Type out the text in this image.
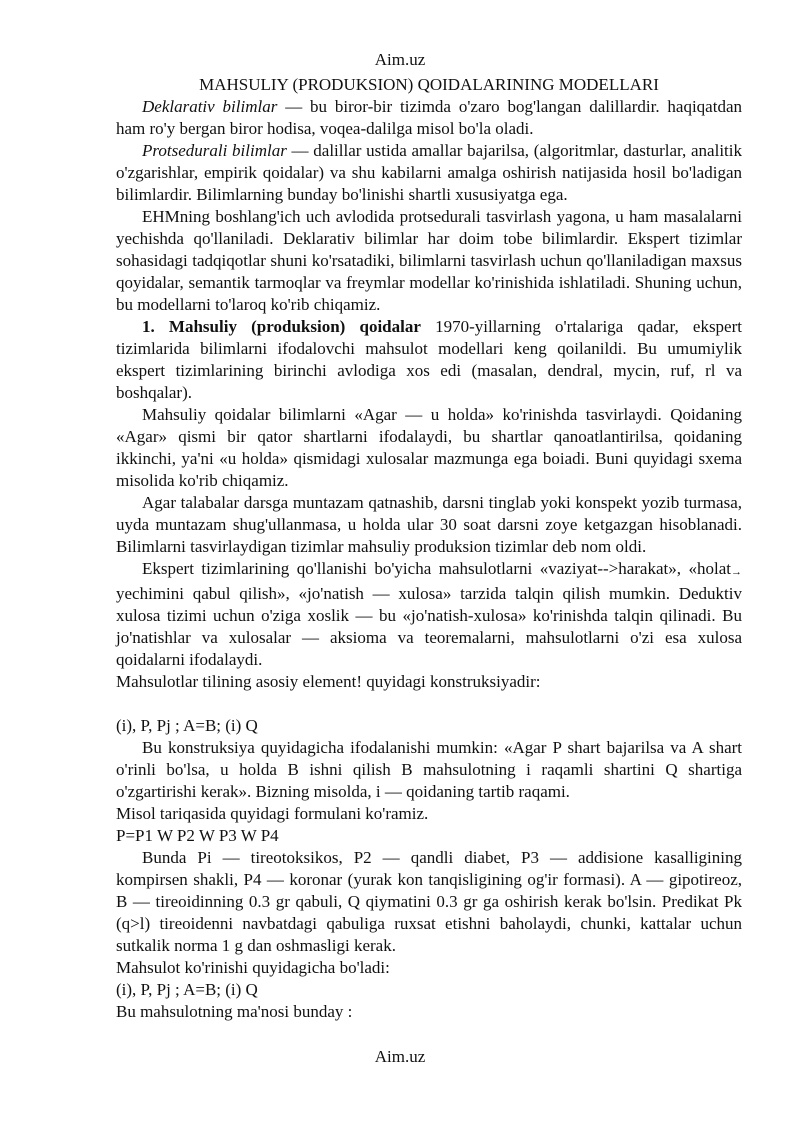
Aim.uz

MAHSULIY (PRODUKSION) QOIDALARINING MODELLARI

Deklarativ bilimlar — bu biror-bir tizimda o'zaro bog'langan dalillardir. haqiqatdan ham ro'y bergan biror hodisa, voqea-dalilga misol bo'la oladi.

Protsedurali bilimlar — dalillar ustida amallar bajarilsa, (algoritmlar, dasturlar, analitik o'zgarishlar, empirik qoidalar) va shu kabilarni amalga oshirish natijasida hosil bo'ladigan bilimlardir. Bilimlarning bunday bo'linishi shartli xususiyatga ega.

EHMning boshlang'ich uch avlodida protsedurali tasvirlash yagona, u ham masalalarni yechishda qo'llaniladi. Deklarativ bilimlar har doim tobe bilimlardir. Ekspert tizimlar sohasidagi tadqiqotlar shuni ko'rsatadiki, bilimlarni tasvirlash uchun qo'llaniladigan maxsus qoyidalar, semantik tarmoqlar va freymlar modellar ko'rinishida ishlatiladi. Shuning uchun, bu modellarni to'laroq ko'rib chiqamiz.

1. Mahsuliy (produksion) qoidalar 1970-yillarning o'rtalariga qadar, ekspert tizimlarida bilimlarni ifodalovchi mahsulot modellari keng qoilanildi. Bu umumiylik ekspert tizimlarining birinchi avlodiga xos edi (masalan, dendral, mycin, ruf, rl va boshqalar).

Mahsuliy qoidalar bilimlarni «Agar — u holda» ko'rinishda tasvirlaydi. Qoidaning «Agar» qismi bir qator shartlarni ifodalaydi, bu shartlar qanoatlantirilsa, qoidaning ikkinchi, ya'ni «u holda» qismidagi xulosalar mazmunga ega boiadi. Buni quyidagi sxema misolida ko'rib chiqamiz.

Agar talabalar darsga muntazam qatnashib, darsni tinglab yoki konspekt yozib turmasa, uyda muntazam shug'ullanmasa, u holda ular 30 soat darsni zoye ketgazgan hisoblanadi. Bilimlarni tasvirlaydigan tizimlar mahsuliy produksion tizimlar deb nom oldi.

Ekspert tizimlarining qo'llanishi bo'yicha mahsulotlarni «vaziyat-->harakat», «holat→ yechimini qabul qilish», «jo'natish — xulosa» tarzida talqin qilish mumkin. Deduktiv xulosa tizimi uchun o'ziga xoslik — bu «jo'natish-xulosa» ko'rinishda talqin qilinadi. Bu jo'natishlar va xulosalar — aksioma va teoremalarni, mahsulotlarni o'zi esa xulosa qoidalarni ifodalaydi.

Mahsulotlar tilining asosiy element! quyidagi konstruksiyadir:

(i), P, Pj ; A=B; (i) Q

Bu konstruksiya quyidagicha ifodalanishi mumkin: «Agar P shart bajarilsa va A shart o'rinli bo'lsa, u holda B ishni qilish B mahsulotning i raqamli shartini Q shartiga o'zgartirishi kerak». Bizning misolda, i — qoidaning tartib raqami.

Misol tariqasida quyidagi formulani ko'ramiz.

P=P1 W P2 W P3 W P4

Bunda Pi — tireotoksikos, P2 — qandli diabet, P3 — addisione kasalligining kompirsen shakli, P4 — koronar (yurak kon tanqisligining og'ir formasi). A — gipotireoz, B — tireoidinning 0.3 gr qabuli, Q qiymatini 0.3 gr ga oshirish kerak bo'lsin. Predikat Pk (q>l) tireoidenni navbatdagi qabuliga ruxsat etishni baholaydi, chunki, kattalar uchun sutkalik norma 1 g dan oshmasligi kerak.

Mahsulot ko'rinishi quyidagicha bo'ladi:

(i), P, Pj ; A=B; (i) Q

Bu mahsulotning ma'nosi bunday :

Aim.uz
